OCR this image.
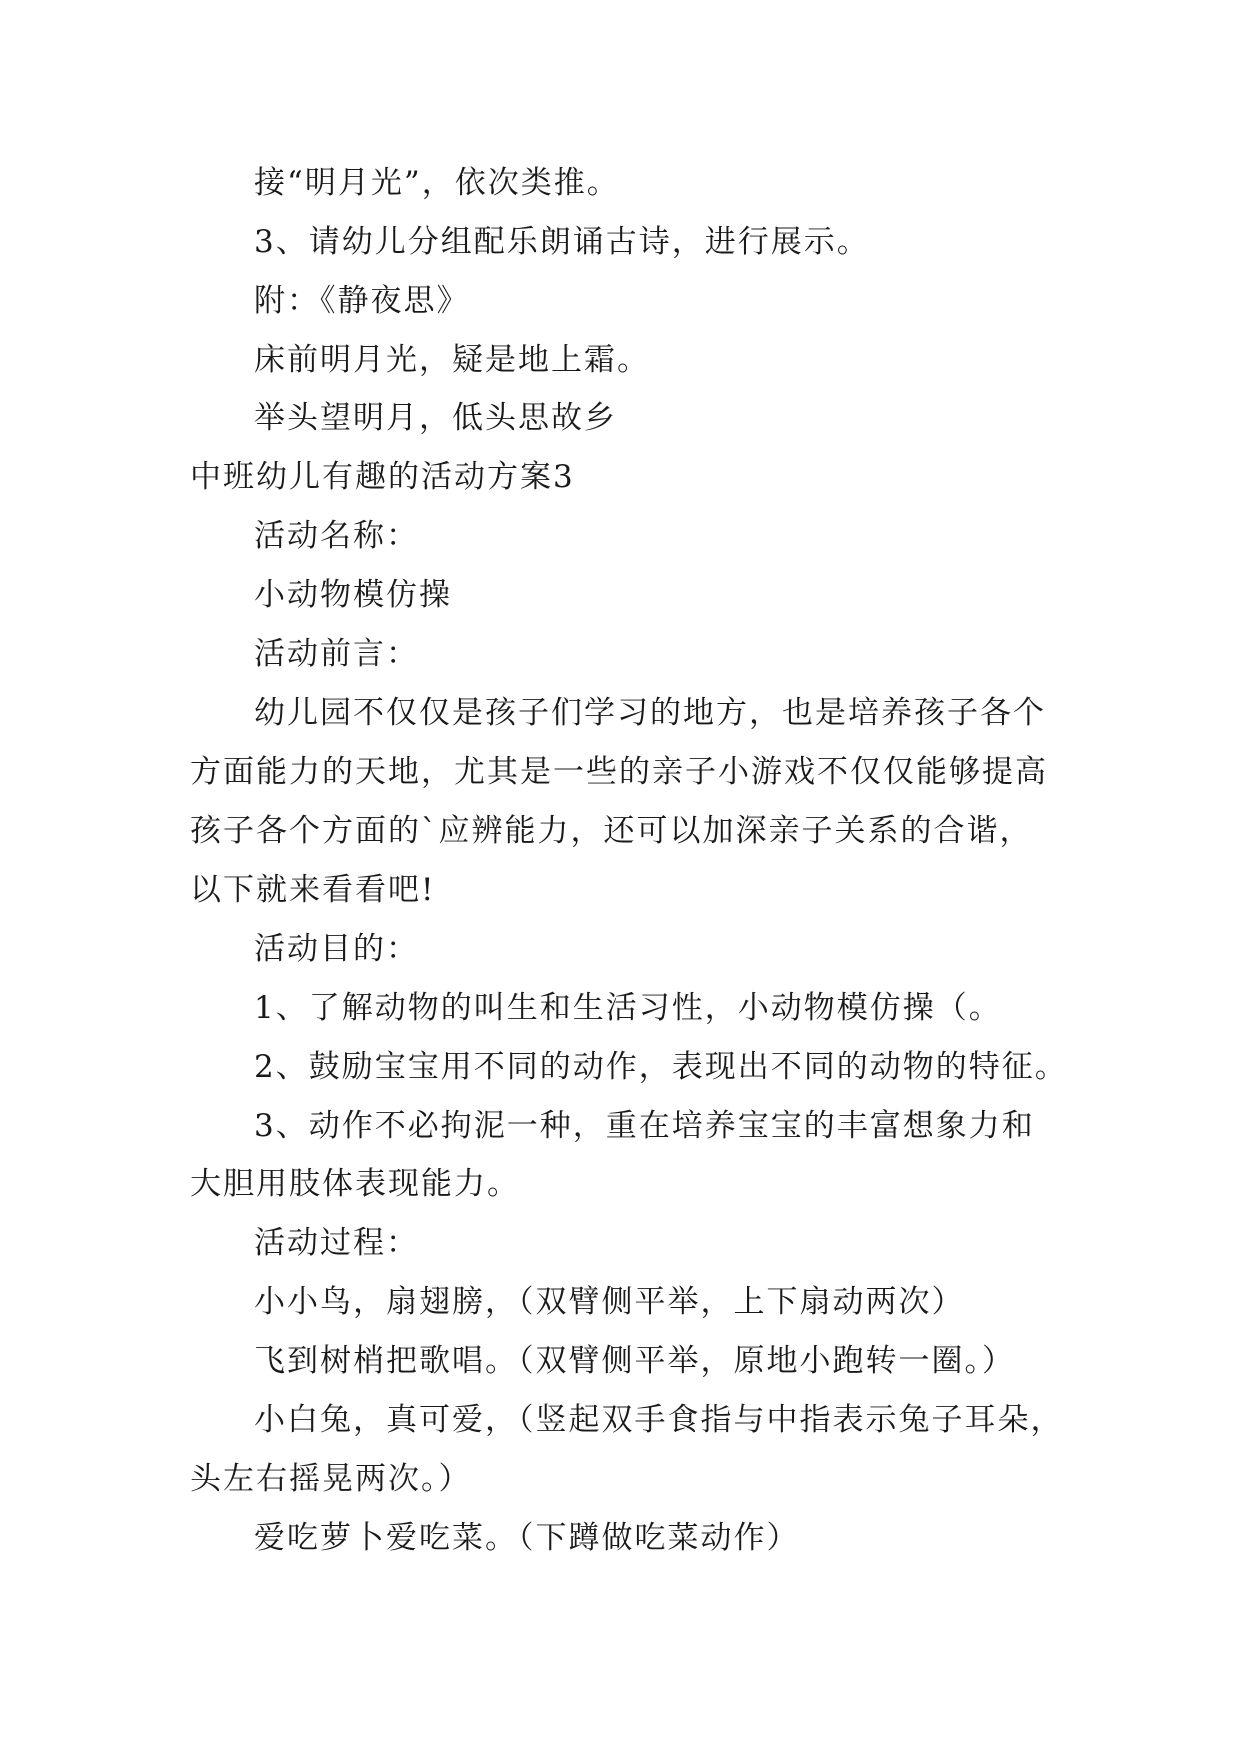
接“明月光”，依次类推。

3、请幼儿分组配乐朗诵古诗，进行展示。

附：《静夜思》

床前明月光，疑是地上霜。

举头望明月，低头思故乡

中班幼儿有趣的活动方案3

活动名称：

小动物模仿操

活动前言：

幼儿园不仅仅是孩子们学习的地方，也是培养孩子各个

方面能力的天地，尤其是一些的亲子小游戏不仅仅能够提高

孩子各个方面的`应辨能力，还可以加深亲子关系的合谐，

以下就来看看吧!

活动目的：

1、了解动物的叫生和生活习性，小动物模仿操（。

2、鼓励宝宝用不同的动作，表现出不同的动物的特征。

3、动作不必拘泥一种，重在培养宝宝的丰富想象力和

大胆用肢体表现能力。

活动过程：

小小鸟，扇翅膀，（双臂侧平举，上下扇动两次）

飞到树梢把歌唱。（双臂侧平举，原地小跑转一圈。）

小白兔，真可爱，（竖起双手食指与中指表示兔子耳朵，

头左右摇晃两次。）

爱吃萝卜爱吃菜。（下蹲做吃菜动作）
